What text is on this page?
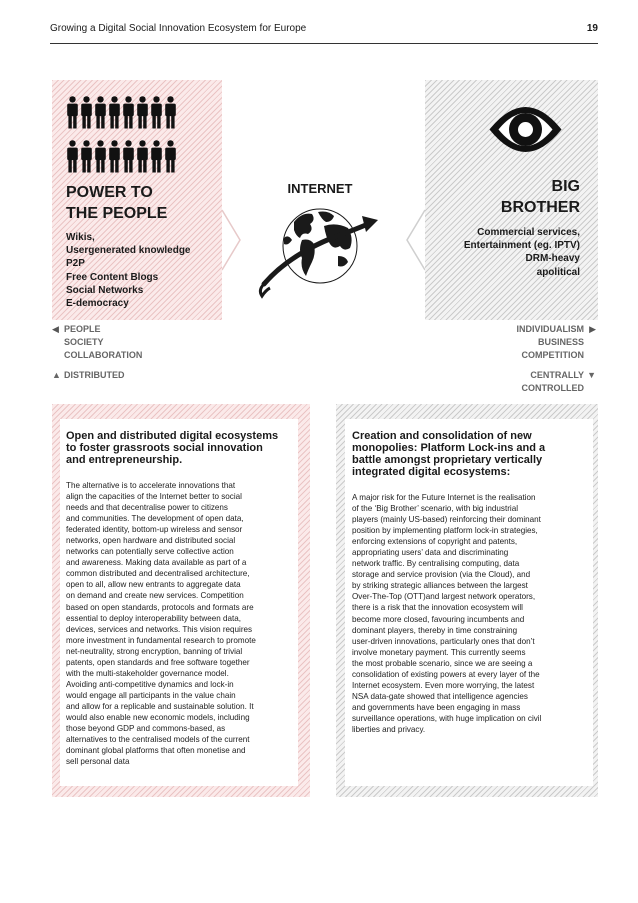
Growing a Digital Social Innovation Ecosystem for Europe	19
POWER TO
THE PEOPLE
Wikis,
Usergenerated knowledge
P2P
Free Content Blogs
Social Networks
E-democracy
BIG
BROTHER
Commercial services,
Entertainment (eg. IPTV)
DRM-heavy
apolitical
INTERNET
◀ PEOPLE
SOCIETY
COLLABORATION
▲ DISTRIBUTED
INDIVIDUALISM ▶
BUSINESS
COMPETITION
CENTRALLY ▼
CONTROLLED
Open and distributed digital ecosystems
to foster grassroots social innovation
and entrepreneurship.
The alternative is to accelerate innovations that
align the capacities of the Internet better to social
needs and that decentralise power to citizens
and communities. The development of open data,
federated identity, bottom-up wireless and sensor
networks, open hardware and distributed social
networks can potentially serve collective action
and awareness. Making data available as part of a
common distributed and decentralised architecture,
open to all, allow new entrants to aggregate data
on demand and create new services. Competition
based on open standards, protocols and formats are
essential to deploy interoperability between data,
devices, services and networks. This vision requires
more investment in fundamental research to promote
net-neutrality, strong encryption, banning of trivial
patents, open standards and free software together
with the multi-stakeholder governance model.
Avoiding anti-competitive dynamics and lock-in
would engage all participants in the value chain
and allow for a replicable and sustainable solution. It
would also enable new economic models, including
those beyond GDP and commons-based, as
alternatives to the centralised models of the current
dominant global platforms that often monetise and
sell personal data
Creation and consolidation of new
monopolies: Platform Lock-ins and a
battle amongst proprietary vertically
integrated digital ecosystems:
A major risk for the Future Internet is the realisation
of the ‘Big Brother’ scenario, with big industrial
players (mainly US-based) reinforcing their dominant
position by implementing platform lock-in strategies,
enforcing extensions of copyright and patents,
appropriating users’ data and discriminating
network traffic. By centralising computing, data
storage and service provision (via the Cloud), and
by striking strategic alliances between the largest
Over-The-Top (OTT)and largest network operators,
there is a risk that the innovation ecosystem will
become more closed, favouring incumbents and
dominant players, thereby in time constraining
user-driven innovations, particularly ones that don’t
involve monetary payment. This currently seems
the most probable scenario, since we are seeing a
consolidation of existing powers at every layer of the
Internet ecosystem. Even more worrying, the latest
NSA data-gate showed that intelligence agencies
and governments have been engaging in mass
surveillance operations, with huge implication on civil
liberties and privacy.
